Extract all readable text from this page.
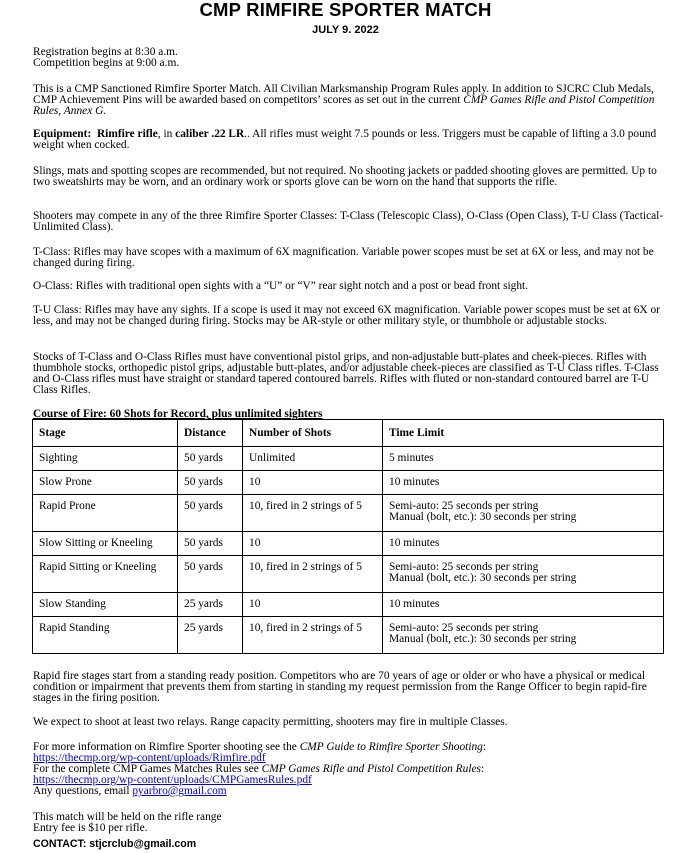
CMP RIMFIRE SPORTER MATCH
JULY 9. 2022
Registration begins at 8:30 a.m.
Competition begins at 9:00 a.m.
This is a CMP Sanctioned Rimfire Sporter Match. All Civilian Marksmanship Program Rules apply. In addition to SJCRC Club Medals, CMP Achievement Pins will be awarded based on competitors’ scores as set out in the current CMP Games Rifle and Pistol Competition Rules, Annex G.
Equipment: Rimfire rifle, in caliber .22 LR.. All rifles must weight 7.5 pounds or less. Triggers must be capable of lifting a 3.0 pound weight when cocked.
Slings, mats and spotting scopes are recommended, but not required. No shooting jackets or padded shooting gloves are permitted. Up to two sweatshirts may be worn, and an ordinary work or sports glove can be worn on the hand that supports the rifle.
Shooters may compete in any of the three Rimfire Sporter Classes: T-Class (Telescopic Class), O-Class (Open Class), T-U Class (Tactical-Unlimited Class).
T-Class: Rifles may have scopes with a maximum of 6X magnification. Variable power scopes must be set at 6X or less, and may not be changed during firing.
O-Class: Rifles with traditional open sights with a “U” or “V” rear sight notch and a post or bead front sight.
T-U Class: Rifles may have any sights. If a scope is used it may not exceed 6X magnification. Variable power scopes must be set at 6X or less, and may not be changed during firing. Stocks may be AR-style or other military style, or thumbhole or adjustable stocks.
Stocks of T-Class and O-Class Rifles must have conventional pistol grips, and non-adjustable butt-plates and cheek-pieces. Rifles with thumbhole stocks, orthopedic pistol grips, adjustable butt-plates, and/or adjustable cheek-pieces are classified as T-U Class rifles. T-Class and O-Class rifles must have straight or standard tapered contoured barrels. Rifles with fluted or non-standard contoured barrel are T-U Class Rifles.
Course of Fire: 60 Shots for Record, plus unlimited sighters
Stage	Distance	Number of Shots	Time Limit
Sighting	50 yards	Unlimited	5 minutes

Slow Prone	50 yards	10	10 minutes

Rapid Prone	50 yards	10, fired in 2 strings of 5	Semi-auto: 25 seconds per string
Manual (bolt, etc.): 30 seconds per string

Slow Sitting or Kneeling	50 yards	10	10 minutes

Rapid Sitting or Kneeling	50 yards	10, fired in 2 strings of 5	Semi-auto: 25 seconds per string
Manual (bolt, etc.): 30 seconds per string

Slow Standing	25 yards	10	10 minutes

Rapid Standing	25 yards	10, fired in 2 strings of 5	Semi-auto: 25 seconds per string
Manual (bolt, etc.): 30 seconds per string
Rapid fire stages start from a standing ready position. Competitors who are 70 years of age or older or who have a physical or medical condition or impairment that prevents them from starting in standing my request permission from the Range Officer to begin rapid-fire stages in the firing position.
We expect to shoot at least two relays. Range capacity permitting, shooters may fire in multiple Classes.
For more information on Rimfire Sporter shooting see the CMP Guide to Rimfire Sporter Shooting:
https://thecmp.org/wp-content/uploads/Rimfire.pdf
For the complete CMP Games Matches Rules see CMP Games Rifle and Pistol Competition Rules:
https://thecmp.org/wp-content/uploads/CMPGamesRules.pdf
Any questions, email pyarbro@gmail.com
This match will be held on the rifle range
Entry fee is $10 per rifle.
CONTACT: stjcrclub@gmail.com
